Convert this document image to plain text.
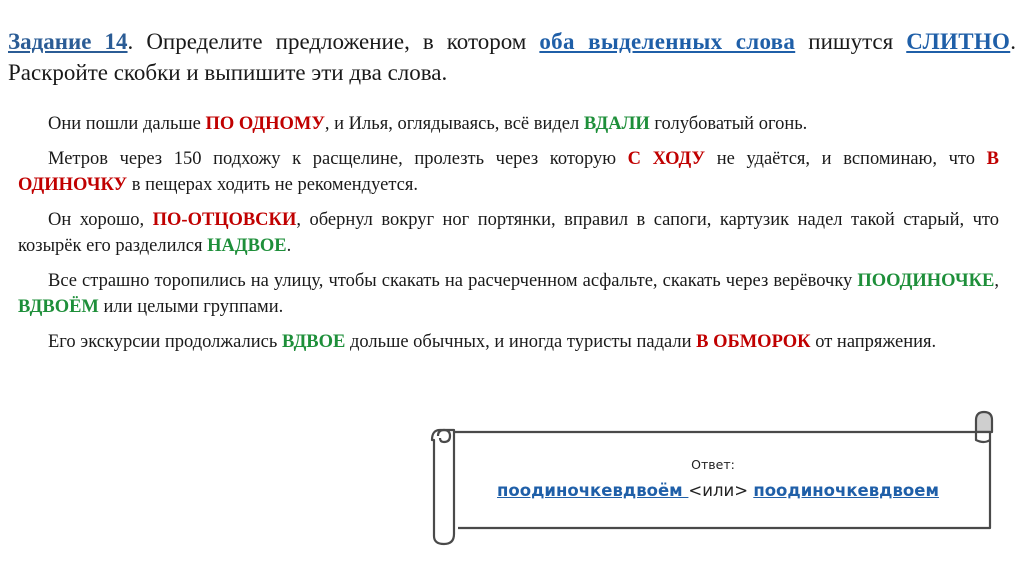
Задание 14. Определите предложение, в котором оба выделенных слова пишутся СЛИТНО. Раскройте скобки и выпишите эти два слова.

Они пошли дальше ПО ОДНОМУ, и Илья, оглядываясь, всё видел ВДАЛИ голубоватый огонь.

Метров через 150 подхожу к расщелине, пролезть через которую С ХОДУ не удаётся, и вспоминаю, что В ОДИНОЧКУ в пещерах ходить не рекомендуется.

Он хорошо, ПО-ОТЦОВСКИ, обернул вокруг ног портянки, вправил в сапоги, картузик надел такой старый, что козырёк его разделился НАДВОЕ.

Все страшно торопились на улицу, чтобы скакать на расчерченном асфальте, скакать через верёвочку ПООДИНОЧКЕ, ВДВОЁМ или целыми группами.

Его экскурсии продолжались ВДВОЕ дольше обычных, и иногда туристы падали В ОБМОРОК от напряжения.

Ответ:
поодиночкевдвоём <или> поодиночкевдвоем
